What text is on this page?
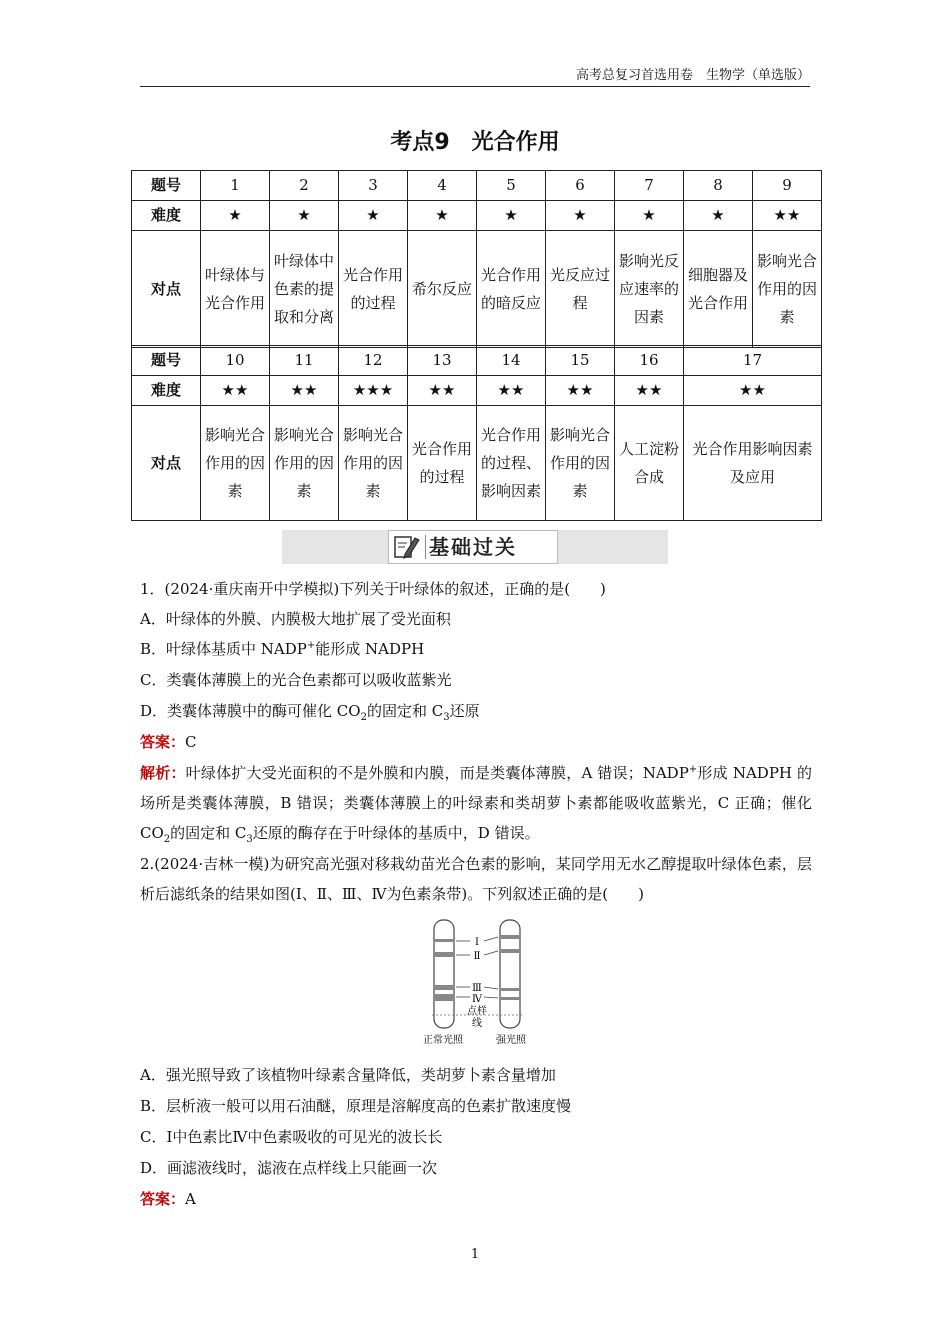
高考总复习首选用卷　生物学（单选版）
考点9　光合作用
题号	1	2	3	4	5	6	7	8	9
难度	★	★	★	★	★	★	★	★	★★
对点	叶绿体与光合作用	叶绿体中色素的提取和分离	光合作用的过程	希尔反应	光合作用的暗反应	光反应过程	影响光反应速率的因素	细胞器及光合作用	影响光合作用的因素
题号	10	11	12	13	14	15	16	17
难度	★★	★★	★★★	★★	★★	★★	★★	★★
对点	影响光合作用的因素	影响光合作用的因素	影响光合作用的因素	光合作用的过程	光合作用的过程、影响因素	影响光合作用的因素	人工淀粉合成	光合作用影响因素及应用
基础过关
1．(2024·重庆南开中学模拟)下列关于叶绿体的叙述，正确的是(　　)
A．叶绿体的外膜、内膜极大地扩展了受光面积
B．叶绿体基质中 NADP+能形成 NADPH
C．类囊体薄膜上的光合色素都可以吸收蓝紫光
D．类囊体薄膜中的酶可催化 $CO_2$的固定和 $C_3$还原
答案：C
解析：叶绿体扩大受光面积的不是外膜和内膜，而是类囊体薄膜，A 错误；NADP+形成 NADPH 的场所是类囊体薄膜，B 错误；类囊体薄膜上的叶绿素和类胡萝卜素都能吸收蓝紫光，C 正确；催化 $CO_2$的固定和 $C_3$还原的酶存在于叶绿体的基质中，D 错误。
2.(2024·吉林一模)为研究高光强对移栽幼苗光合色素的影响，某同学用无水乙醇提取叶绿体色素，层析后滤纸条的结果如图(Ⅰ、Ⅱ、Ⅲ、Ⅳ为色素条带)。下列叙述正确的是(　　)
Ⅰ
Ⅱ
Ⅲ
Ⅳ
点样
线
正常光照	强光照
A．强光照导致了该植物叶绿素含量降低，类胡萝卜素含量增加
B．层析液一般可以用石油醚，原理是溶解度高的色素扩散速度慢
C．Ⅰ中色素比Ⅳ中色素吸收的可见光的波长长
D．画滤液线时，滤液在点样线上只能画一次
答案：A
1
